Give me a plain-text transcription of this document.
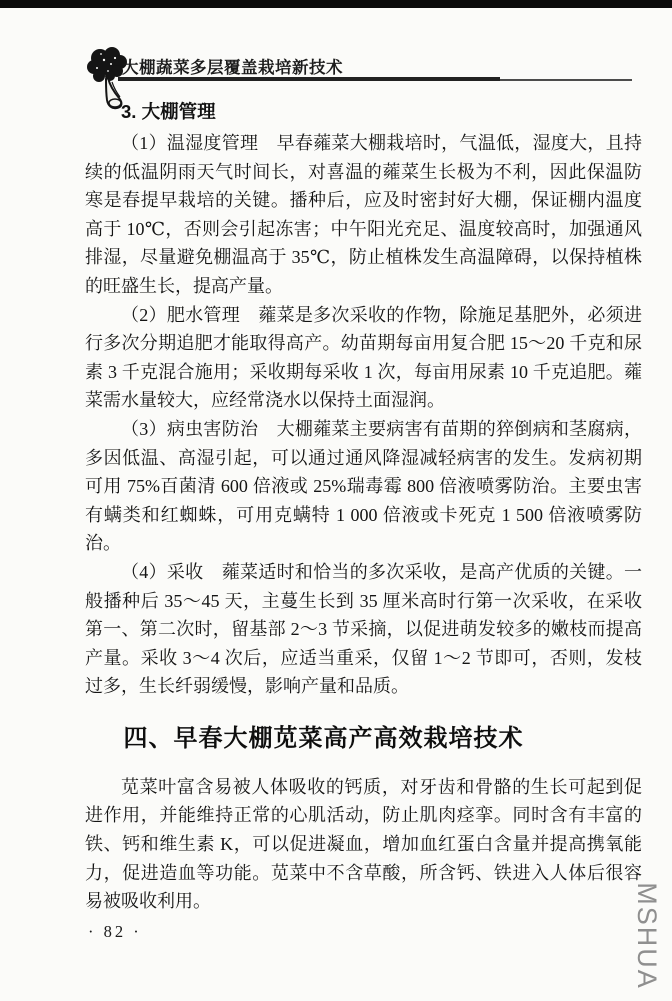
大棚蔬菜多层覆盖栽培新技术
3. 大棚管理

（1）温湿度管理　早春蕹菜大棚栽培时，气温低，湿度大，且持续的低温阴雨天气时间长，对喜温的蕹菜生长极为不利，因此保温防寒是春提早栽培的关键。播种后，应及时密封好大棚，保证棚内温度高于 10℃，否则会引起冻害；中午阳光充足、温度较高时，加强通风排湿，尽量避免棚温高于 35℃，防止植株发生高温障碍，以保持植株的旺盛生长，提高产量。

（2）肥水管理　蕹菜是多次采收的作物，除施足基肥外，必须进行多次分期追肥才能取得高产。幼苗期每亩用复合肥 15～20 千克和尿素 3 千克混合施用；采收期每采收 1 次，每亩用尿素 10 千克追肥。蕹菜需水量较大，应经常浇水以保持土面湿润。

（3）病虫害防治　大棚蕹菜主要病害有苗期的猝倒病和茎腐病，多因低温、高湿引起，可以通过通风降湿减轻病害的发生。发病初期可用 75%百菌清 600 倍液或 25%瑞毒霉 800 倍液喷雾防治。主要虫害有螨类和红蜘蛛，可用克螨特 1 000 倍液或卡死克 1 500 倍液喷雾防治。

（4）采收　蕹菜适时和恰当的多次采收，是高产优质的关键。一般播种后 35～45 天，主蔓生长到 35 厘米高时行第一次采收，在采收第一、第二次时，留基部 2～3 节采摘，以促进萌发较多的嫩枝而提高产量。采收 3～4 次后，应适当重采，仅留 1～2 节即可，否则，发枝过多，生长纤弱缓慢，影响产量和品质。

四、早春大棚苋菜高产高效栽培技术

苋菜叶富含易被人体吸收的钙质，对牙齿和骨骼的生长可起到促进作用，并能维持正常的心肌活动，防止肌肉痉挛。同时含有丰富的铁、钙和维生素 K，可以促进凝血，增加血红蛋白含量并提高携氧能力，促进造血等功能。苋菜中不含草酸，所含钙、铁进入人体后很容易被吸收利用。

· 82 ·	MSHUA
